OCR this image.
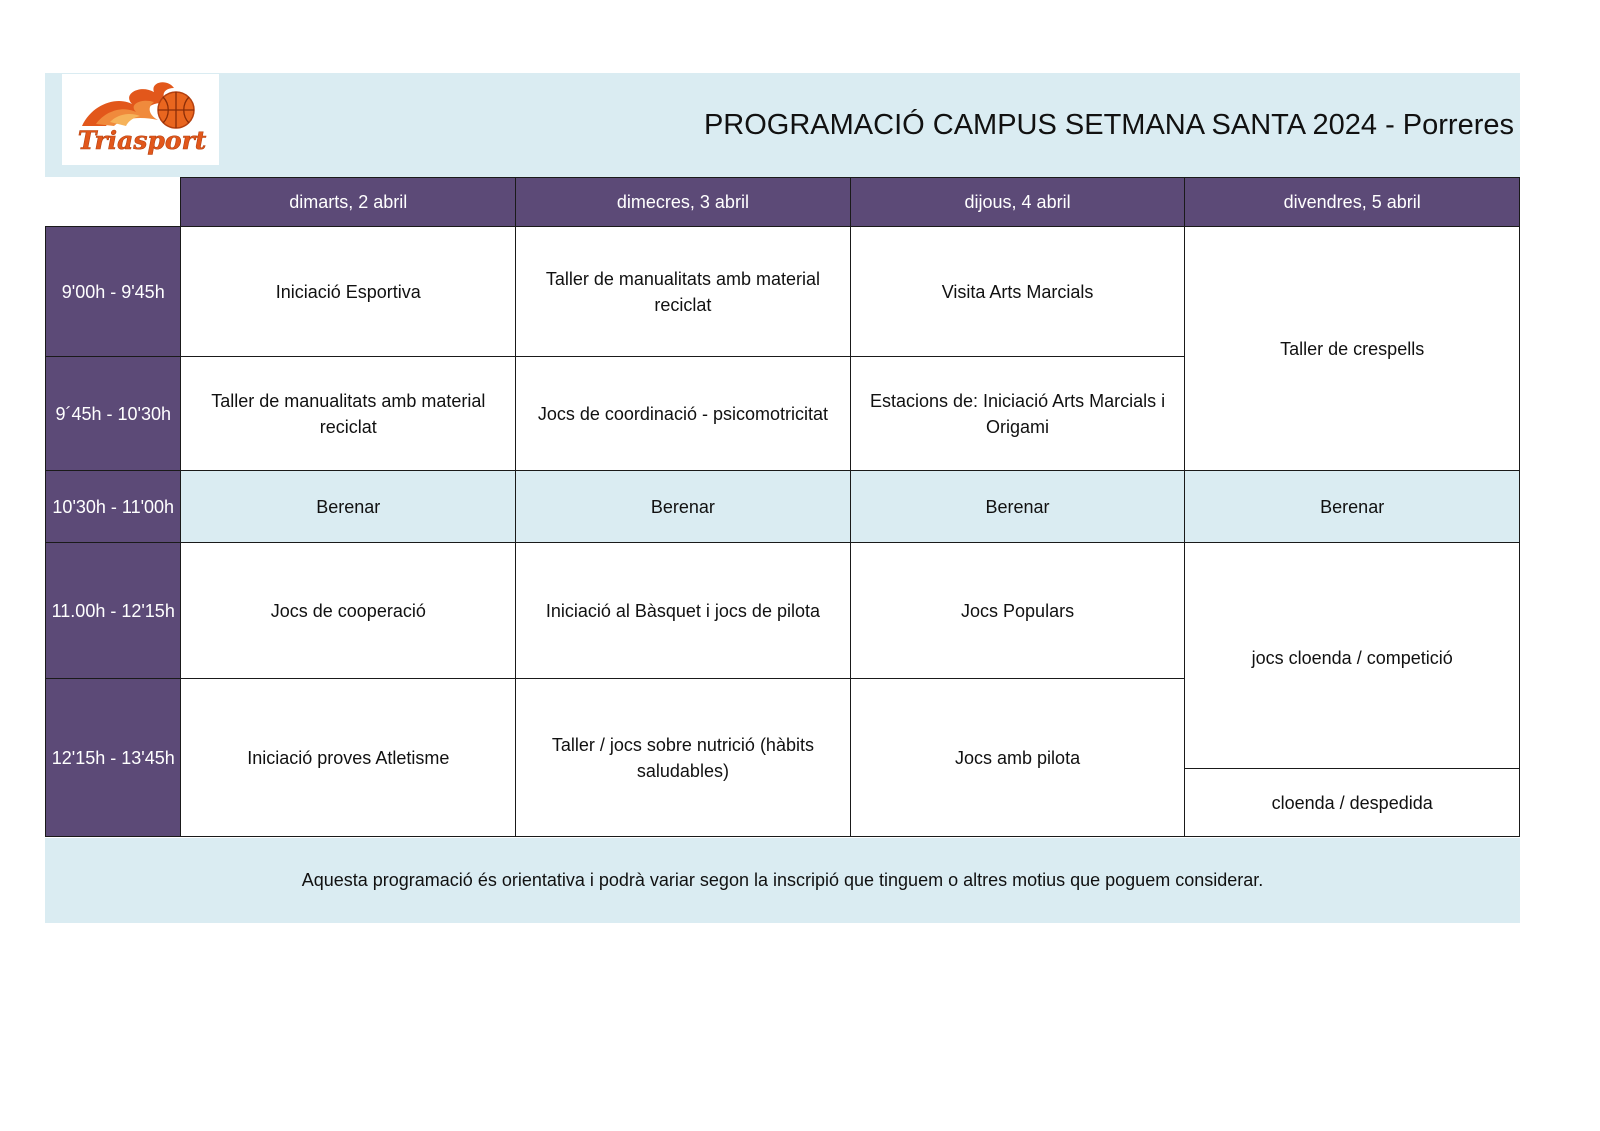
Triasport	PROGRAMACIÓ CAMPUS SETMANA SANTA 2024 - Porreres
	dimarts, 2 abril	dimecres, 3 abril	dijous, 4 abril	divendres, 5 abril
9'00h - 9'45h	Iniciació Esportiva	Taller de manualitats amb material reciclat	Visita Arts Marcials	Taller de crespells
9´45h - 10'30h	Taller de manualitats amb material reciclat	Jocs de coordinació - psicomotricitat	Estacions de: Iniciació Arts Marcials i Origami	
10'30h - 11'00h	Berenar	Berenar	Berenar	Berenar
11.00h - 12'15h	Jocs de cooperació	Iniciació al Bàsquet i jocs de pilota	Jocs Populars	jocs cloenda / competició
12'15h - 13'45h	Iniciació proves Atletisme	Taller / jocs sobre nutrició (hàbits saludables)	Jocs amb pilota	
				cloenda / despedida
Aquesta programació és orientativa i podrà variar segon la inscripió que tinguem o altres motius que poguem considerar.
